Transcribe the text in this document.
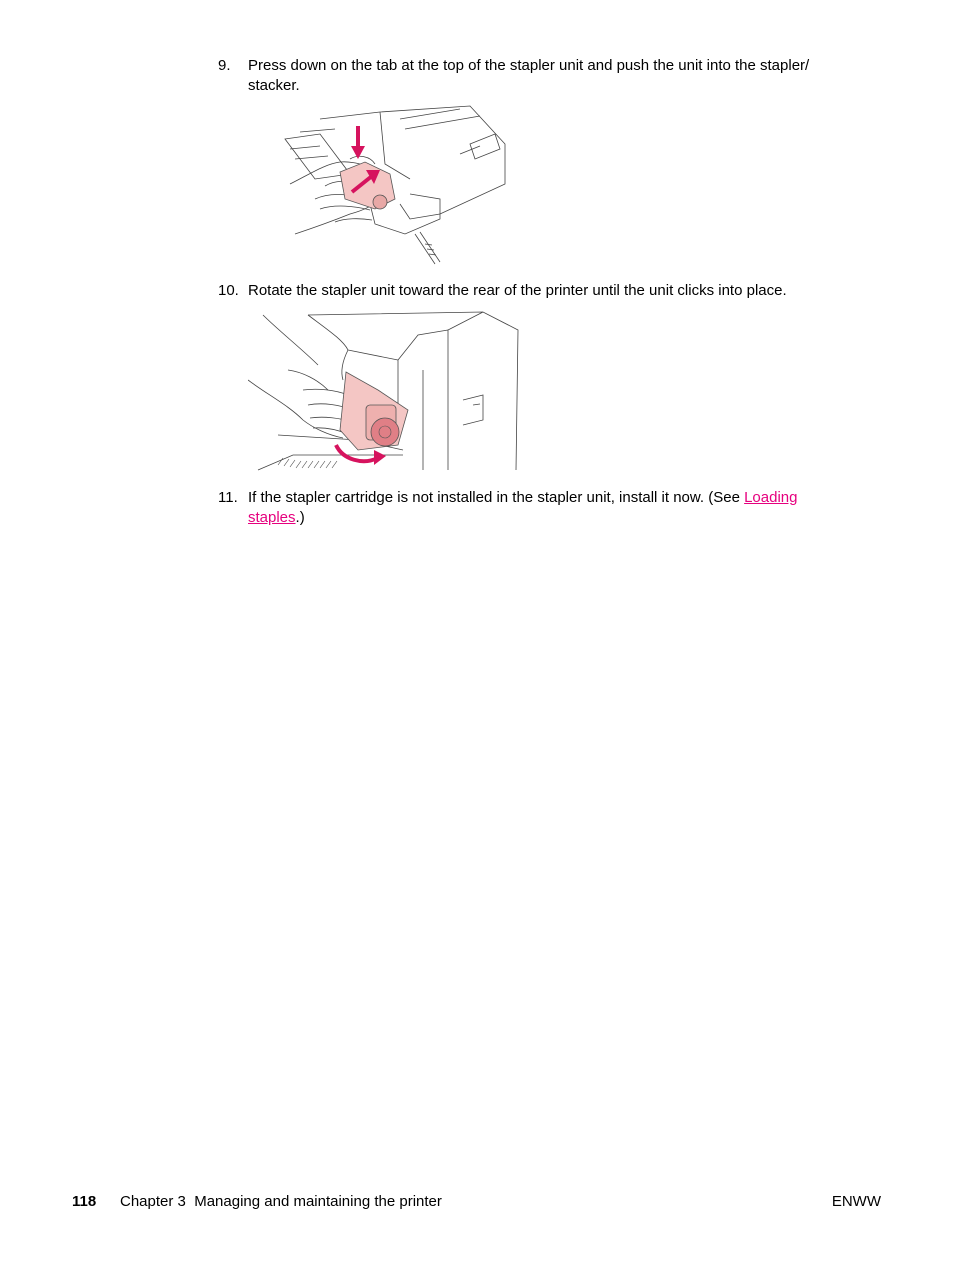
9. Press down on the tab at the top of the stapler unit and push the unit into the stapler/ stacker.
10. Rotate the stapler unit toward the rear of the printer until the unit clicks into place.
11. If the stapler cartridge is not installed in the stapler unit, install it now. (See Loading staples.)
118 Chapter 3  Managing and maintaining the printer	ENWW
